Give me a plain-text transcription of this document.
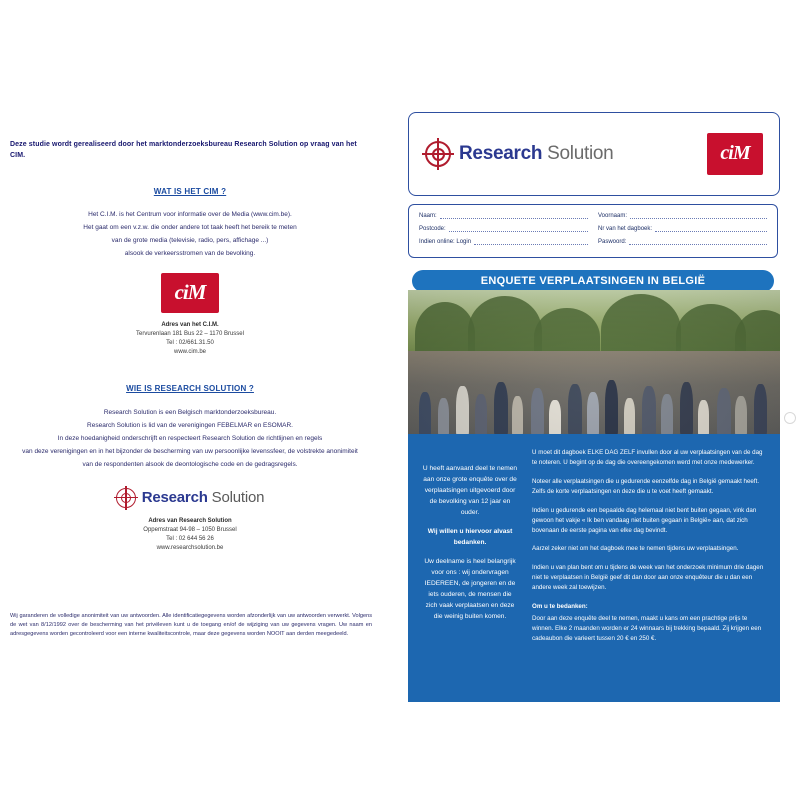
Deze studie wordt gerealiseerd door het marktonderzoeksbureau Research Solution op vraag van het CIM.
WAT IS HET CIM ?

Het C.I.M. is het Centrum voor informatie over de Media (www.cim.be).

Het gaat om een v.z.w. die onder andere tot taak heeft het bereik te meten

van de grote media (televisie, radio, pers, affichage ...)

alsook de verkeersstromen van de bevolking.

ciM
Adres van het C.I.M.
Tervurenlaan 181 Bus 22 – 1170 Brussel
Tel : 02/661.31.50
www.cim.be
WIE IS RESEARCH SOLUTION ?

Research Solution is een Belgisch marktonderzoeksbureau.

Research Solution is lid van de verenigingen FEBELMAR en ESOMAR.

In deze hoedanigheid onderschrijft en respecteert Research Solution de richtlijnen en regels

van deze verenigingen en in het bijzonder de bescherming van uw persoonlijke levenssfeer, de volstrekte anonimiteit

van de respondenten alsook de deontologische code en de gedragsregels.

Research Solution
Adres van Research Solution
Oppemstraat 94-98 – 1050 Brussel
Tel : 02 644 56 26
www.researchsolution.be
Wij garanderen de volledige anonimiteit van uw antwoorden. Alle identificatiegegevens worden afzonderlijk van uw antwoorden verwerkt. Volgens de wet van 8/12/1992 over de bescherming van het privéleven kunt u de toegang en/of de wijziging van uw gegevens vragen. Uw naam en adresgegevens worden gecontroleerd voor een interne kwaliteitscontrole, maar deze gegevens worden NOOIT aan derden meegedeeld.
Research Solution	ciM
Naam:	Voornaam:
Postcode:	Nr van het dagboek:
Indien online: Login	Paswoord:
ENQUETE VERPLAATSINGEN IN BELGIË
U heeft aanvaard deel te nemen aan onze grote enquête over de verplaatsingen uitgevoerd door de bevolking van 12 jaar en ouder.
Wij willen u hiervoor alvast bedanken.
Uw deelname is heel belangrijk voor ons : wij ondervragen IEDEREEN, de jongeren en de iets ouderen, de mensen die zich vaak verplaatsen en deze die weinig buiten komen.

U moet dit dagboek ELKE DAG ZELF invullen door al uw verplaatsingen van de dag te noteren. U begint op de dag die overeengekomen werd met onze medewerker.

Noteer alle verplaatsingen die u gedurende eenzelfde dag in België gemaakt heeft. Zelfs de korte verplaatsingen en deze die u te voet heeft gemaakt.

Indien u gedurende een bepaalde dag helemaal niet bent buiten gegaan, vink dan gewoon het vakje « Ik ben vandaag niet buiten gegaan in België» aan, dat zich bovenaan de eerste pagina van elke dag bevindt.

Aarzel zeker niet om het dagboek mee te nemen tijdens uw verplaatsingen.

Indien u van plan bent om u tijdens de week van het onderzoek minimum drie dagen niet te verplaatsen in België geef dit dan door aan onze enquêteur die u dan een andere week zal toewijzen.

Om u te bedanken:

Door aan deze enquête deel te nemen, maakt u kans om een prachtige prijs te winnen. Elke 2 maanden worden er 24 winnaars bij trekking bepaald. Zij krijgen een cadeaubon die varieert tussen 20 € en 250 €.
